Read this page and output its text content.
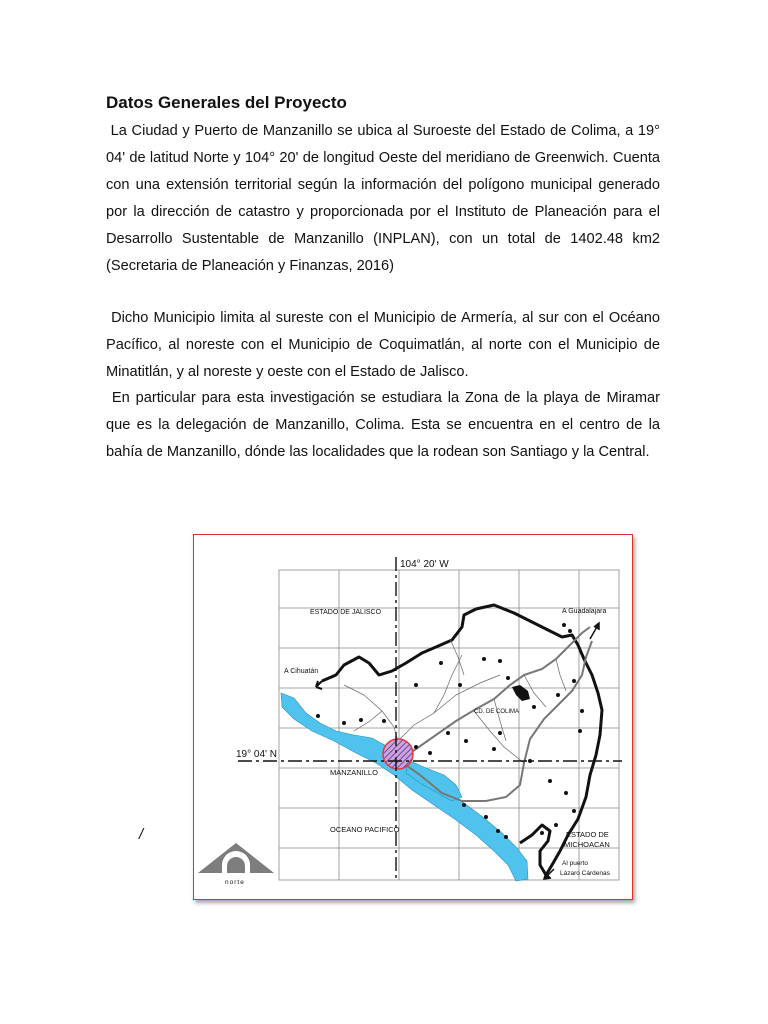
Datos Generales del Proyecto

La Ciudad y Puerto de Manzanillo se ubica al Suroeste del Estado de Colima, a 19° 04' de latitud Norte y 104° 20' de longitud Oeste del meridiano de Greenwich. Cuenta con una extensión territorial según la información del polígono municipal generado por la dirección de catastro y proporcionada por el Instituto de Planeación para el Desarrollo Sustentable de Manzanillo (INPLAN), con un total de 1402.48 km2 (Secretaria de Planeación y Finanzas, 2016)

Dicho Municipio limita al sureste con el Municipio de Armería, al sur con el Océano Pacífico, al noreste con el Municipio de Coquimatlán, al norte con el Municipio de Minatitlán, y al noreste y oeste con el Estado de Jalisco.

En particular para esta investigación se estudiara la Zona de la playa de Miramar que es la delegación de Manzanillo, Colima. Esta se encuentra en el centro de la bahía de Manzanillo, dónde las localidades que la rodean son Santiago y la Central.

/
104° 20' W
19° 04' N
ESTADO DE JALISCO	A Guadalajara
A Cihuatán
CD. DE COLIMA
MANZANILLO
OCEANO PACIFICO
ESTADO DE
MICHOACAN
Al puerto
Lázaro Cárdenas
norte
